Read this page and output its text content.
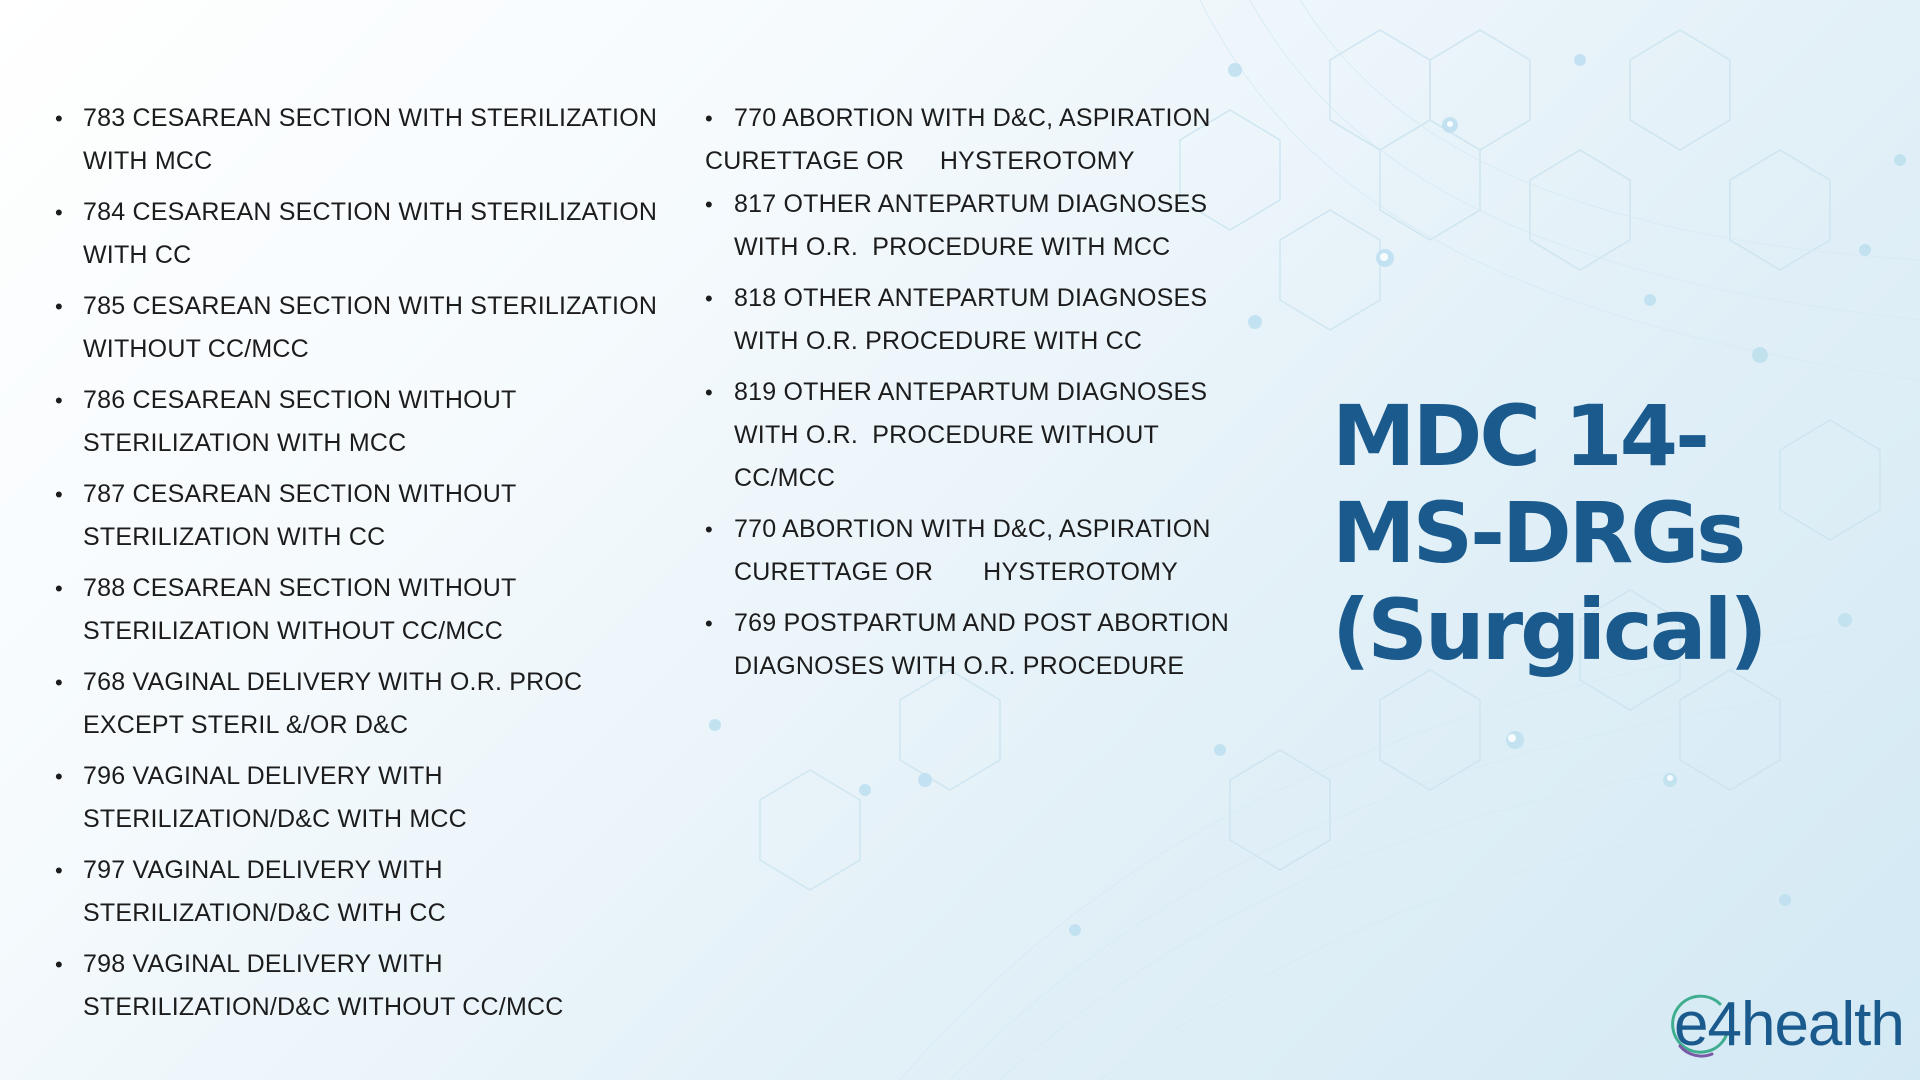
• 783 CESAREAN SECTION WITH STERILIZATION WITH MCC
• 784 CESAREAN SECTION WITH STERILIZATION WITH CC
• 785 CESAREAN SECTION WITH STERILIZATION WITHOUT CC/MCC
• 786 CESAREAN SECTION WITHOUT STERILIZATION WITH MCC
• 787 CESAREAN SECTION WITHOUT STERILIZATION WITH CC
• 788 CESAREAN SECTION WITHOUT STERILIZATION WITHOUT CC/MCC
• 768 VAGINAL DELIVERY WITH O.R. PROC EXCEPT STERIL &/OR D&C
• 796 VAGINAL DELIVERY WITH STERILIZATION/D&C WITH MCC
• 797 VAGINAL DELIVERY WITH STERILIZATION/D&C WITH CC
• 798 VAGINAL DELIVERY WITH STERILIZATION/D&C WITHOUT CC/MCC
• 770 ABORTION WITH D&C, ASPIRATION CURETTAGE OR     HYSTEROTOMY
• 817 OTHER ANTEPARTUM DIAGNOSES WITH O.R.  PROCEDURE WITH MCC
• 818 OTHER ANTEPARTUM DIAGNOSES WITH O.R. PROCEDURE WITH CC
• 819 OTHER ANTEPARTUM DIAGNOSES WITH O.R.  PROCEDURE WITHOUT CC/MCC
• 770 ABORTION WITH D&C, ASPIRATION CURETTAGE OR       HYSTEROTOMY
• 769 POSTPARTUM AND POST ABORTION DIAGNOSES WITH O.R. PROCEDURE
MDC 14-
MS-DRGs
(Surgical)
e4health
